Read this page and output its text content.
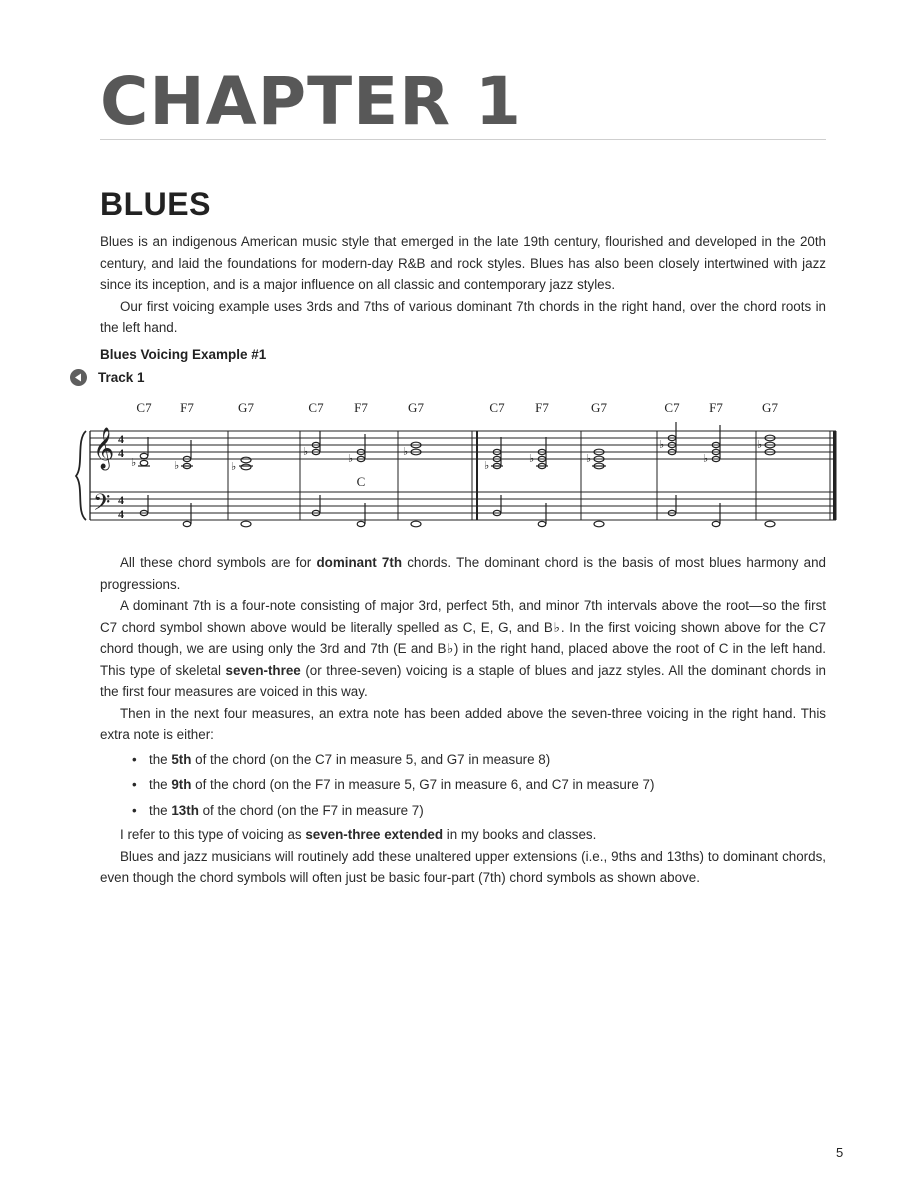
CHAPTER 1
BLUES

Blues is an indigenous American music style that emerged in the late 19th century, flourished and developed in the 20th century, and laid the foundations for modern-day R&B and rock styles. Blues has also been closely intertwined with jazz since its inception, and is a major influence on all classic and contemporary jazz styles.

Our first voicing example uses 3rds and 7ths of various dominant 7th chords in the right hand, over the chord roots in the left hand.

Blues Voicing Example #1
Track 1
C7 F7	G7	C7 F7	G7	C7 F7	G7	C7 F7	G7
𝄞
𝄢
4
4
4
4
♭	♭	♭
♭
♭
♭
♭
♭	♭
♭
♭
♭
C

All these chord symbols are for dominant 7th chords. The dominant chord is the basis of most blues harmony and progressions.

A dominant 7th is a four-note consisting of major 3rd, perfect 5th, and minor 7th intervals above the root—so the first C7 chord symbol shown above would be literally spelled as C, E, G, and B♭. In the first voicing shown above for the C7 chord though, we are using only the 3rd and 7th (E and B♭) in the right hand, placed above the root of C in the left hand. This type of skeletal seven-three (or three-seven) voicing is a staple of blues and jazz styles. All the dominant chords in the first four measures are voiced in this way.

Then in the next four measures, an extra note has been added above the seven-three voicing in the right hand. This extra note is either:

• the 5th of the chord (on the C7 in measure 5, and G7 in measure 8)
• the 9th of the chord (on the F7 in measure 5, G7 in measure 6, and C7 in measure 7)
• the 13th of the chord (on the F7 in measure 7)

I refer to this type of voicing as seven-three extended in my books and classes.

Blues and jazz musicians will routinely add these unaltered upper extensions (i.e., 9ths and 13ths) to dominant chords, even though the chord symbols will often just be basic four-part (7th) chord symbols as shown above.

5
